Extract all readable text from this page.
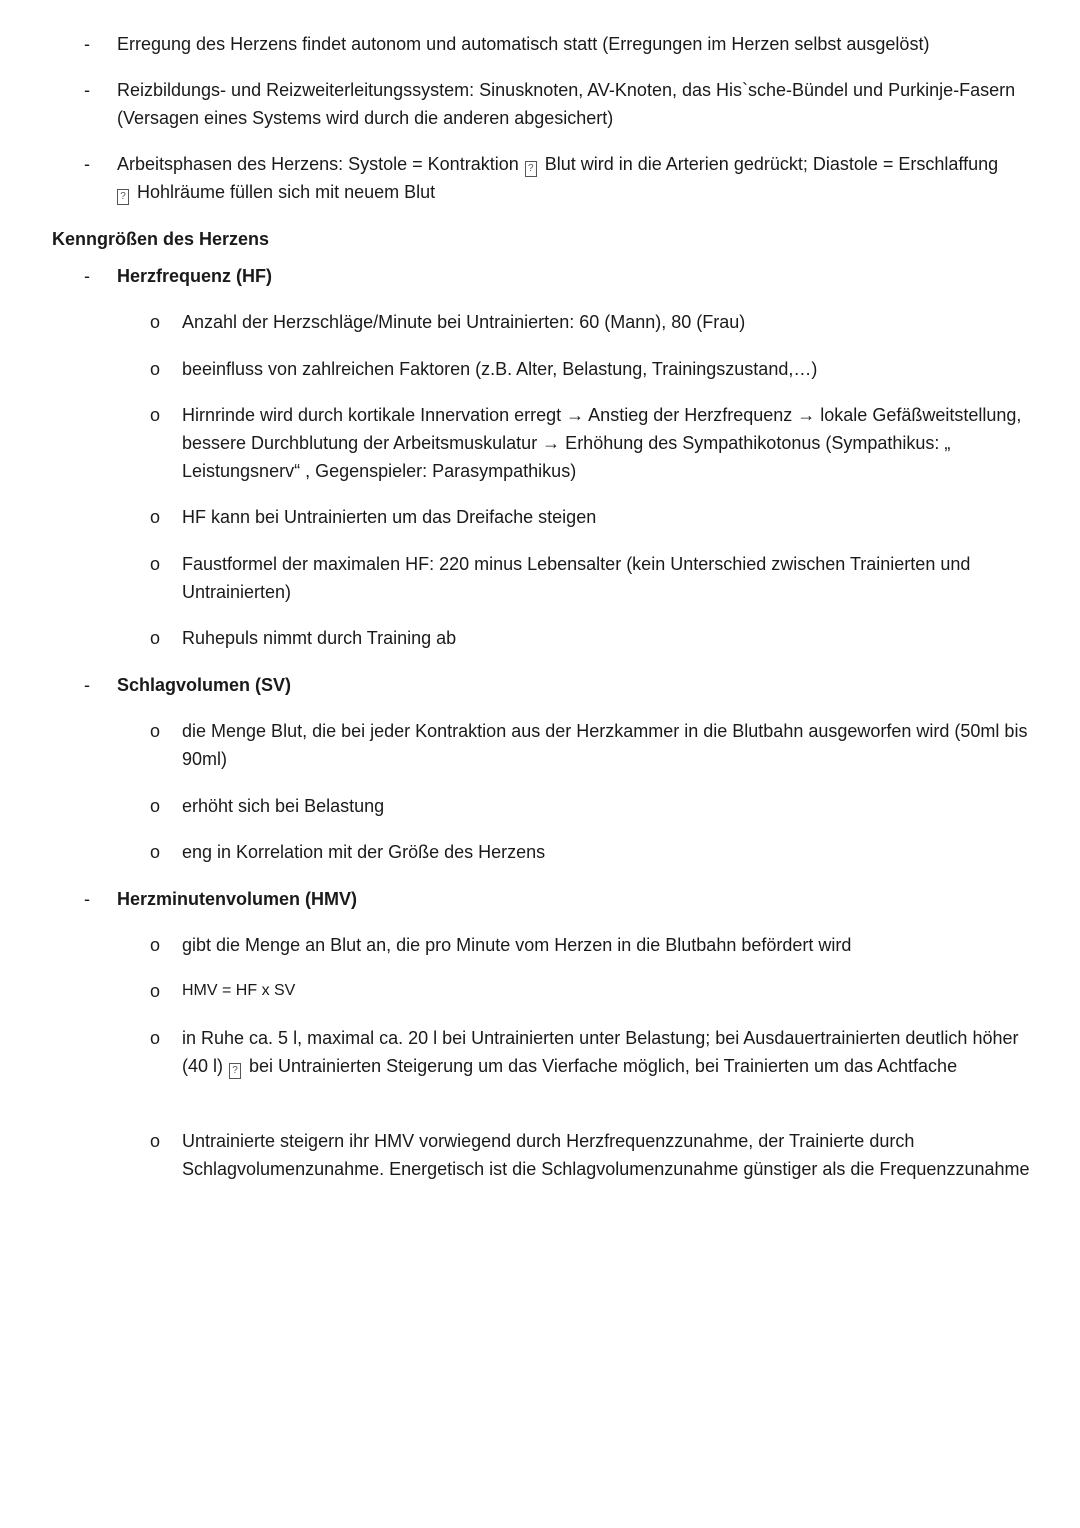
- Erregung des Herzens findet autonom und automatisch statt (Erregungen im Herzen selbst ausgelöst)

- Reizbildungs- und Reizweiterleitungssystem: Sinusknoten, AV-Knoten, das His`sche-Bündel und Purkinje-Fasern (Versagen eines Systems wird durch die anderen abgesichert)

- Arbeitsphasen des Herzens: Systole = Kontraktion ? Blut wird in die Arterien gedrückt; Diastole = Erschlaffung
?Hohlräume füllen sich mit neuem Blut

Kenngrößen des Herzens

- Herzfrequenz (HF)

o Anzahl der Herzschläge/Minute bei Untrainierten: 60 (Mann), 80 (Frau)

o beeinfluss von zahlreichen Faktoren (z.B. Alter, Belastung, Trainingszustand,…)

o Hirnrinde wird durch kortikale Innervation erregt → Anstieg der Herzfrequenz → lokale Gefäßweitstellung, bessere Durchblutung der Arbeitsmuskulatur → Erhöhung des Sympathikotonus (Sympathikus: „ Leistungsnerv“ , Gegenspieler: Parasympathikus)

o HF kann bei Untrainierten um das Dreifache steigen

o Faustformel der maximalen HF: 220 minus Lebensalter (kein Unterschied zwischen Trainierten und Untrainierten)

o Ruhepuls nimmt durch Training ab

- Schlagvolumen (SV)

o die Menge Blut, die bei jeder Kontraktion aus der Herzkammer in die Blutbahn ausgeworfen wird (50ml bis 90ml)

o erhöht sich bei Belastung

o eng in Korrelation mit der Größe des Herzens

- Herzminutenvolumen (HMV)

o gibt die Menge an Blut an, die pro Minute vom Herzen in die Blutbahn befördert wird

o HMV = HF x SV

o in Ruhe ca. 5 l, maximal ca. 20 l bei Untrainierten unter Belastung; bei Ausdauertrainierten deutlich höher (40 l) ? bei Untrainierten Steigerung um das Vierfache möglich, bei Trainierten um das Achtfache

o Untrainierte steigern ihr HMV vorwiegend durch Herzfrequenzzunahme, der Trainierte durch Schlagvolumenzunahme. Energetisch ist die Schlagvolumenzunahme günstiger als die Frequenzzunahme
